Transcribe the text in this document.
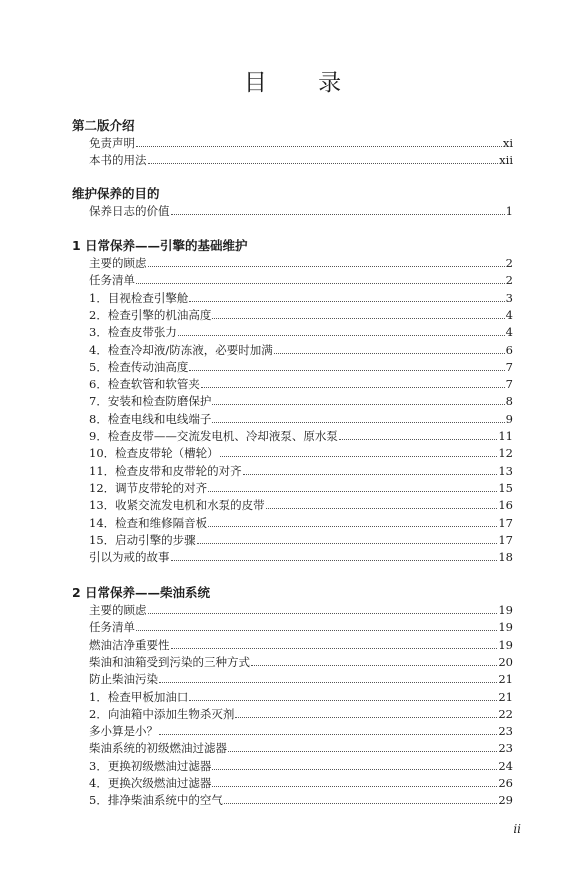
目 录
第二版介绍
免责声明	xi
本书的用法	xii
维护保养的目的
保养日志的价值	1
1 日常保养——引擎的基础维护
主要的顾虑	2
任务清单	2
1．目视检查引擎舱	3
2．检查引擎的机油高度	4
3．检查皮带张力	4
4．检查冷却液/防冻液，必要时加满	6
5．检查传动油高度	7
6．检查软管和软管夹	7
7．安装和检查防磨保护	8
8．检查电线和电线端子	9
9．检查皮带——交流发电机、冷却液泵、原水泵	11
10．检查皮带轮（槽轮）	12
11．检查皮带和皮带轮的对齐	13
12．调节皮带轮的对齐	15
13．收紧交流发电机和水泵的皮带	16
14．检查和维修隔音板	17
15．启动引擎的步骤	17
引以为戒的故事	18
2 日常保养——柴油系统
主要的顾虑	19
任务清单	19
燃油洁净重要性	19
柴油和油箱受到污染的三种方式	20
防止柴油污染	21
1．检查甲板加油口	21
2．向油箱中添加生物杀灭剂	22
多小算是小？	23
柴油系统的初级燃油过滤器	23
3．更换初级燃油过滤器	24
4．更换次级燃油过滤器	26
5．排净柴油系统中的空气	29
ii
